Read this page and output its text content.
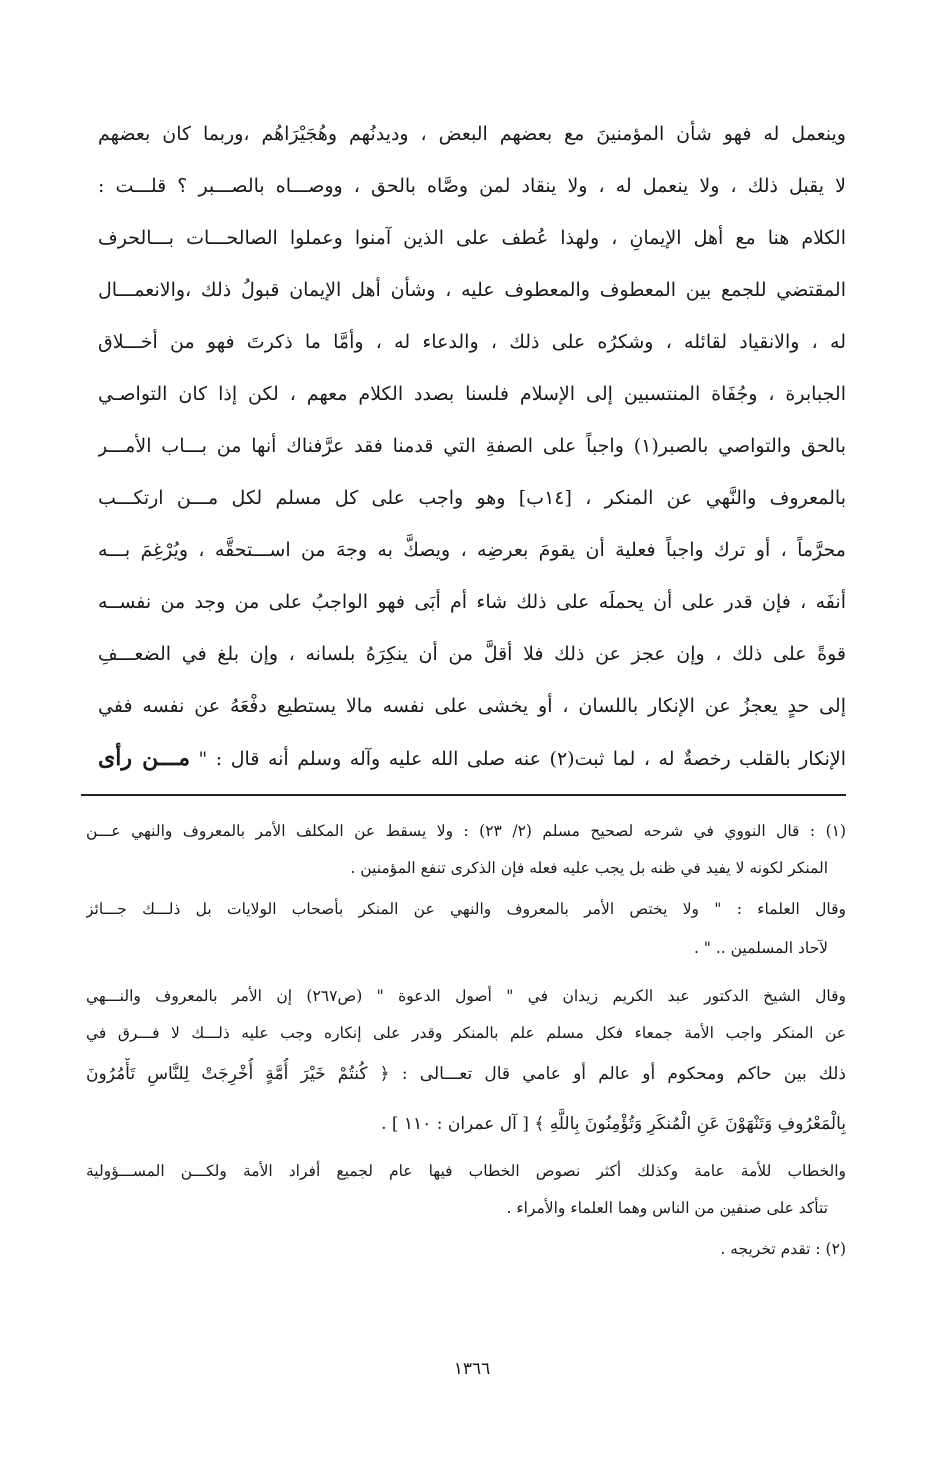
وينعمل له فهو شأن المؤمنينَ مع بعضهم البعض ، وديدنُهم وهُجَيْرَاهُم ،وربما كان بعضهم
لا يقبل ذلك ، ولا ينعمل له ، ولا ينقاد لمن وصَّاه بالحق ، ووصـــاه بالصـــبر ؟ قلـــت :
الكلام هنا مع أهل الإيمانِ ، ولهذا عُطف على الذين آمنوا وعملوا الصالحـــات بـــالحرف
المقتضي للجمع بين المعطوف والمعطوف عليه ، وشأن أهل الإيمان قبولُ ذلك ،والانعمـــال
له ، والانقياد لقائله ، وشكرُه على ذلك ، والدعاء له ، وأمَّا ما ذكرتَ فهو من أخـــلاق
الجبابرة ، وجُفَاة المنتسبين إلى الإسلام فلسنا بصدد الكلام معهم ، لكن إذا كان التواصـي
بالحق والتواصي بالصبر(١) واجباً على الصفةِ التي قدمنا فقد عرَّفناك أنها من بـــاب الأمـــر
بالمعروف والنَّهي عن المنكر ، [١٤ب] وهو واجب على كل مسلم لكل مـــن ارتكـــب
محرَّماً ، أو ترك واجباً فعلية أن يقومَ بعرضِه ، ويصكَّ به وجهَ من اســـتحقَّه ، ويُرْغِمَ بـــه
أنفَه ، فإن قدر على أن يحملَه على ذلك شاء أم أبَى فهو الواجبُ على من وجد من نفســه
قوةً على ذلك ، وإن عجز عن ذلك فلا أقلَّ من أن ينكِرَهُ بلسانه ، وإن بلغ في الضعـــفِ
إلى حدٍ يعجزُ عن الإنكار باللسان ، أو يخشى على نفسه مالا يستطيع دفْعَهُ عن نفسه ففي
الإنكار بالقلب رخصةٌ له ، لما ثبت(٢) عنه صلى الله عليه وآله وسلم أنه قال : " مـــن رأى
(١) : قال النووي في شرحه لصحيح مسلم (٢/ ٢٣) : ولا يسقط عن المكلف الأمر بالمعروف والنهي عـــن
المنكر لكونه لا يفيد في ظنه بل يجب عليه فعله فإن الذكرى تنفع المؤمنين .
وقال العلماء : " ولا يختص الأمر بالمعروف والنهي عن المنكر بأصحاب الولايات بل ذلـــك جـــائز
لآحاد المسلمين .. " .
وقال الشيخ الدكتور عبد الكريم زيدان في " أصول الدعوة " (ص٢٦٧) إن الأمر بالمعروف والنـــهي
عن المنكر واجب الأمة جمعاء فكل مسلم علم بالمنكر وقدر على إنكاره وجب عليه ذلـــك لا فـــرق في
ذلك بين حاكم ومحكوم أو عالم أو عامي قال تعـــالى : ﴿ كُنتُمْ خَيْرَ أُمَّةٍ أُخْرِجَتْ لِلنَّاسِ تَأْمُرُونَ
بِالْمَعْرُوفِ وَتَنْهَوْنَ عَنِ الْمُنكَرِ وَتُؤْمِنُونَ بِاللَّهِ ﴾ [ آل عمران : ١١٠ ] .
والخطاب للأمة عامة وكذلك أكثر نصوص الخطاب فيها عام لجميع أفراد الأمة ولكـــن المســـؤولية
تتأكد على صنفين من الناس وهما العلماء والأمراء .
(٢) : تقدم تخريجه .
١٣٦٦
